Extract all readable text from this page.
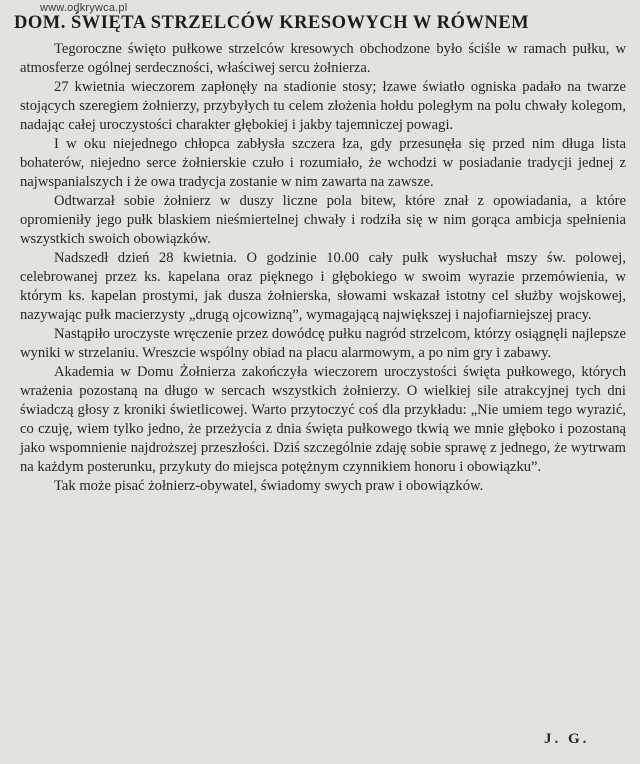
www.odkrywca.pl
DOM. ŚWIĘTA STRZELCÓW KRESOWYCH W RÓWNEM

Tegoroczne święto pułkowe strzelców kresowych obchodzone było ściśle w ramach pułku, w atmosferze ogólnej serdeczności, właściwej sercu żołnierza.

27 kwietnia wieczorem zapłonęły na stadionie stosy; łzawe światło ogniska padało na twarze stojących szeregiem żołnierzy, przybyłych tu celem złożenia hołdu poległym na polu chwały kolegom, nadając całej uroczystości charakter głębokiej i jakby tajemniczej powagi.

I w oku niejednego chłopca zabłysła szczera łza, gdy przesunęła się przed nim długa lista bohaterów, niejedno serce żołnierskie czuło i rozumiało, że wchodzi w posiadanie tradycji jednej z najwspanialszych i że owa tradycja zostanie w nim zawarta na zawsze.

Odtwarzał sobie żołnierz w duszy liczne pola bitew, które znał z opowiadania, a które opromieniły jego pułk blaskiem nieśmiertelnej chwały i rodziła się w nim gorąca ambicja spełnienia wszystkich swoich obowiązków.

Nadszedł dzień 28 kwietnia. O godzinie 10.00 cały pułk wysłuchał mszy św. polowej, celebrowanej przez ks. kapelana oraz pięknego i głębokiego w swoim wyrazie przemówienia, w którym ks. kapelan prostymi, jak dusza żołnierska, słowami wskazał istotny cel służby wojskowej, nazywając pułk macierzysty „drugą ojcowizną”, wymagającą największej i najofiarniejszej pracy.

Nastąpiło uroczyste wręczenie przez dowódcę pułku nagród strzelcom, którzy osiągnęli najlepsze wyniki w strzelaniu. Wreszcie wspólny obiad na placu alarmowym, a po nim gry i zabawy.

Akademia w Domu Żołnierza zakończyła wieczorem uroczystości święta pułkowego, których wrażenia pozostaną na długo w sercach wszystkich żołnierzy. O wielkiej sile atrakcyjnej tych dni świadczą głosy z kroniki świetlicowej. Warto przytoczyć coś dla przykładu: „Nie umiem tego wyrazić, co czuję, wiem tylko jedno, że przeżycia z dnia święta pułkowego tkwią we mnie głęboko i pozostaną jako wspomnienie najdroższej przeszłości. Dziś szczególnie zdaję sobie sprawę z jednego, że wytrwam na każdym posterunku, przykuty do miejsca potężnym czynnikiem honoru i obowiązku”.

Tak może pisać żołnierz-obywatel, świadomy swych praw i obowiązków.

J. G.
